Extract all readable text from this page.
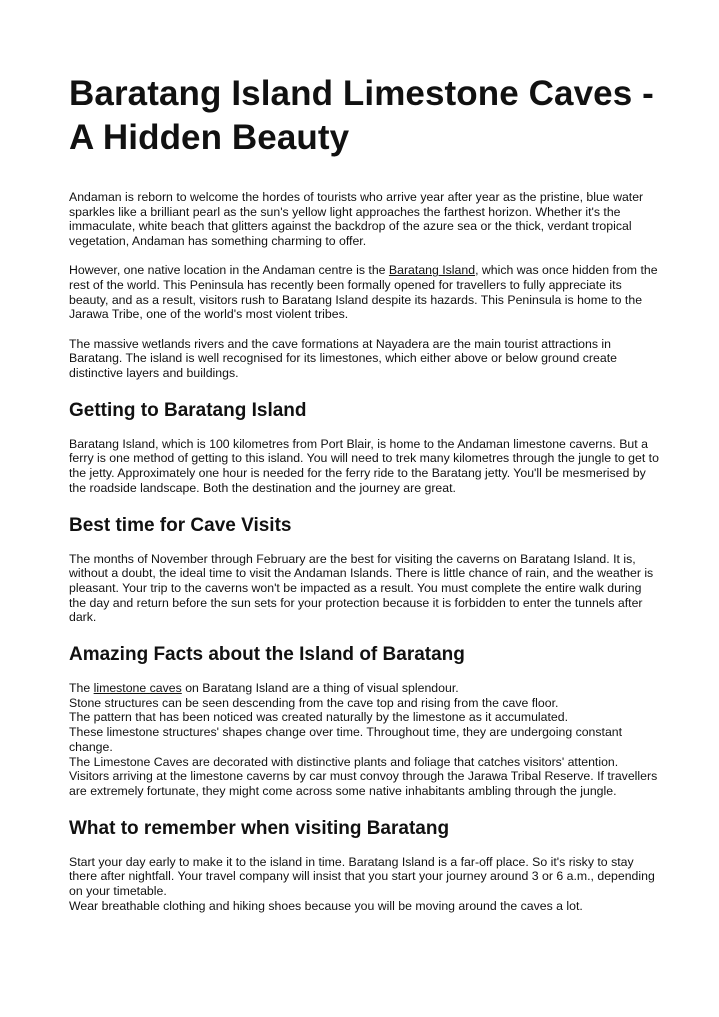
Baratang Island Limestone Caves - A Hidden Beauty

Andaman is reborn to welcome the hordes of tourists who arrive year after year as the pristine, blue water sparkles like a brilliant pearl as the sun's yellow light approaches the farthest horizon. Whether it's the immaculate, white beach that glitters against the backdrop of the azure sea or the thick, verdant tropical vegetation, Andaman has something charming to offer.

However, one native location in the Andaman centre is the Baratang Island, which was once hidden from the rest of the world. This Peninsula has recently been formally opened for travellers to fully appreciate its beauty, and as a result, visitors rush to Baratang Island despite its hazards. This Peninsula is home to the Jarawa Tribe, one of the world's most violent tribes.

The massive wetlands rivers and the cave formations at Nayadera are the main tourist attractions in Baratang. The island is well recognised for its limestones, which either above or below ground create distinctive layers and buildings.

Getting to Baratang Island

Baratang Island, which is 100 kilometres from Port Blair, is home to the Andaman limestone caverns. But a ferry is one method of getting to this island. You will need to trek many kilometres through the jungle to get to the jetty. Approximately one hour is needed for the ferry ride to the Baratang jetty. You'll be mesmerised by the roadside landscape. Both the destination and the journey are great.

Best time for Cave Visits

The months of November through February are the best for visiting the caverns on Baratang Island. It is, without a doubt, the ideal time to visit the Andaman Islands. There is little chance of rain, and the weather is pleasant. Your trip to the caverns won't be impacted as a result. You must complete the entire walk during the day and return before the sun sets for your protection because it is forbidden to enter the tunnels after dark.

Amazing Facts about the Island of Baratang

The limestone caves on Baratang Island are a thing of visual splendour.

Stone structures can be seen descending from the cave top and rising from the cave floor.

The pattern that has been noticed was created naturally by the limestone as it accumulated.

These limestone structures' shapes change over time. Throughout time, they are undergoing constant change.

The Limestone Caves are decorated with distinctive plants and foliage that catches visitors' attention.

Visitors arriving at the limestone caverns by car must convoy through the Jarawa Tribal Reserve. If travellers are extremely fortunate, they might come across some native inhabitants ambling through the jungle.

What to remember when visiting Baratang

Start your day early to make it to the island in time. Baratang Island is a far-off place. So it's risky to stay there after nightfall. Your travel company will insist that you start your journey around 3 or 6 a.m., depending on your timetable.

Wear breathable clothing and hiking shoes because you will be moving around the caves a lot.
